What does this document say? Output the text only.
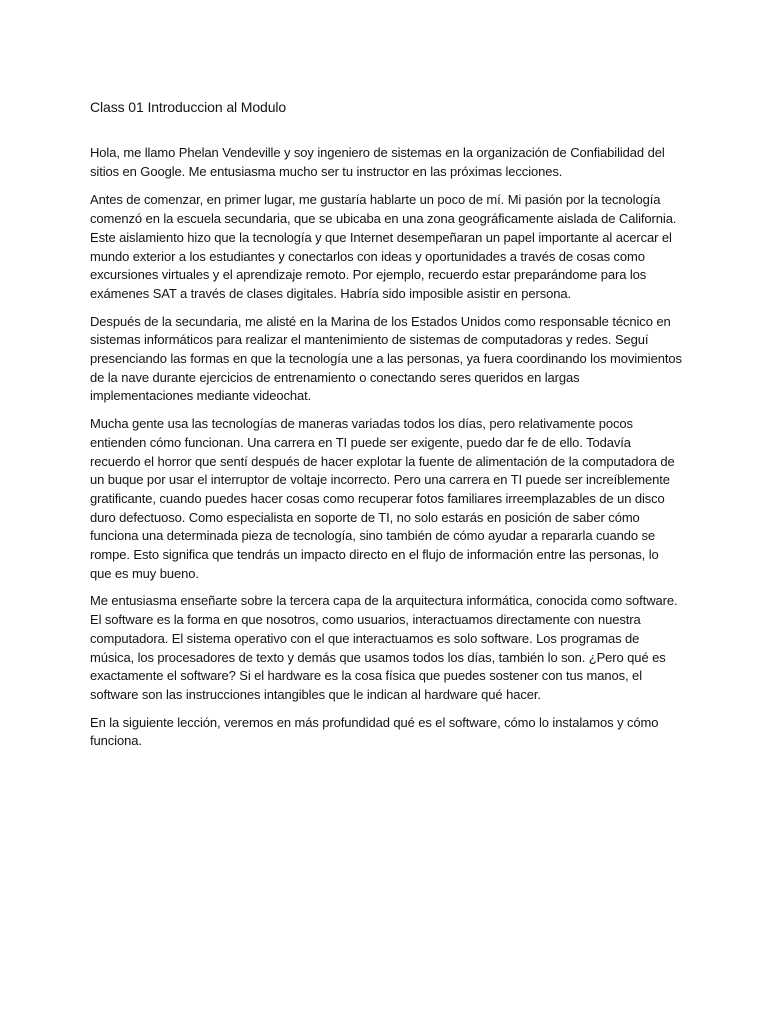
Class 01 Introduccion al Modulo

Hola, me llamo Phelan Vendeville y soy ingeniero de sistemas en la organización de Confiabilidad del
sitios en Google. Me entusiasma mucho ser tu instructor en las próximas lecciones.

Antes de comenzar, en primer lugar, me gustaría hablarte un poco de mí. Mi pasión por la tecnología
comenzó en la escuela secundaria, que se ubicaba en una zona geográficamente aislada de California.
Este aislamiento hizo que la tecnología y que Internet desempeñaran un papel importante al acercar el
mundo exterior a los estudiantes y conectarlos con ideas y oportunidades a través de cosas como
excursiones virtuales y el aprendizaje remoto. Por ejemplo, recuerdo estar preparándome para los
exámenes SAT a través de clases digitales. Habría sido imposible asistir en persona.

Después de la secundaria, me alisté en la Marina de los Estados Unidos como responsable técnico en
sistemas informáticos para realizar el mantenimiento de sistemas de computadoras y redes. Seguí
presenciando las formas en que la tecnología une a las personas, ya fuera coordinando los movimientos
de la nave durante ejercicios de entrenamiento o conectando seres queridos en largas
implementaciones mediante videochat.

Mucha gente usa las tecnologías de maneras variadas todos los días, pero relativamente pocos
entienden cómo funcionan. Una carrera en TI puede ser exigente, puedo dar fe de ello. Todavía
recuerdo el horror que sentí después de hacer explotar la fuente de alimentación de la computadora de
un buque por usar el interruptor de voltaje incorrecto. Pero una carrera en TI puede ser increíblemente
gratificante, cuando puedes hacer cosas como recuperar fotos familiares irreemplazables de un disco
duro defectuoso. Como especialista en soporte de TI, no solo estarás en posición de saber cómo
funciona una determinada pieza de tecnología, sino también de cómo ayudar a repararla cuando se
rompe. Esto significa que tendrás un impacto directo en el flujo de información entre las personas, lo
que es muy bueno.

Me entusiasma enseñarte sobre la tercera capa de la arquitectura informática, conocida como software.
El software es la forma en que nosotros, como usuarios, interactuamos directamente con nuestra
computadora. El sistema operativo con el que interactuamos es solo software. Los programas de
música, los procesadores de texto y demás que usamos todos los días, también lo son. ¿Pero qué es
exactamente el software? Si el hardware es la cosa física que puedes sostener con tus manos, el
software son las instrucciones intangibles que le indican al hardware qué hacer.

En la siguiente lección, veremos en más profundidad qué es el software, cómo lo instalamos y cómo
funciona.
